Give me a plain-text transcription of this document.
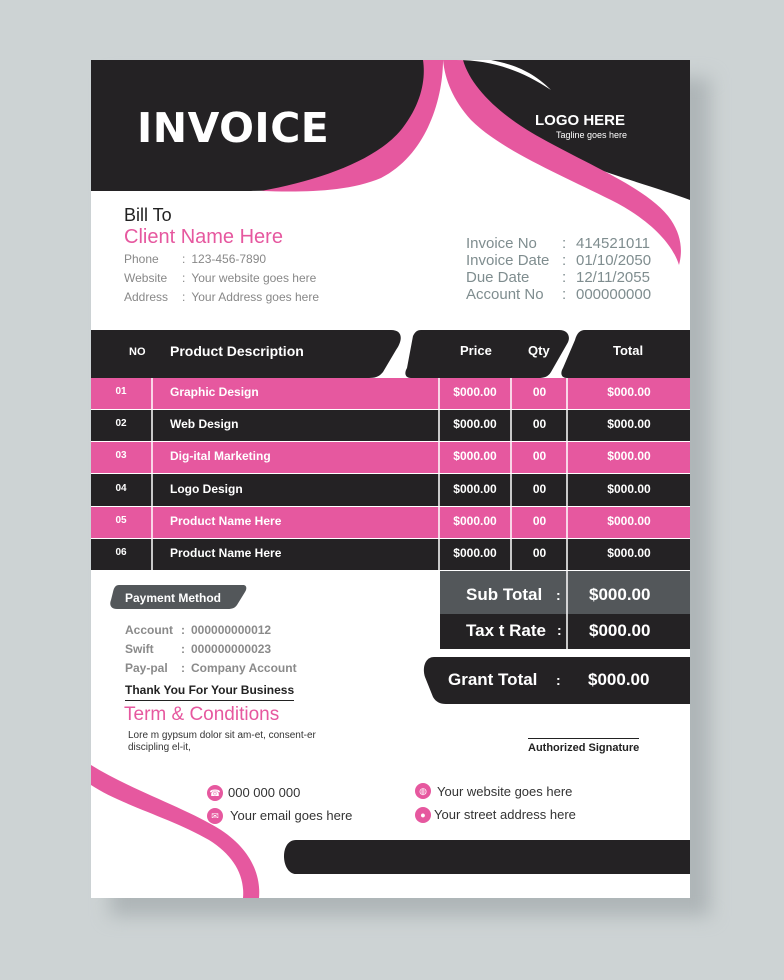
INVOICE	LOGO HERE
Tagline goes here
Bill To
Client Name Here
Phone : 123-456-7890
Website : Your website goes here
Address : Your Address goes here
Invoice No : 414521011
Invoice Date : 01/10/2050
Due Date : 12/11/2055
Account No : 000000000
NO Product Description	Price	Qty	Total
01	Graphic Design	$000.00	00	$000.00
02	Web Design	$000.00	00	$000.00
03	Dig-ital Marketing	$000.00	00	$000.00
04	Logo Design	$000.00	00	$000.00
05	Product Name Here	$000.00	00	$000.00
06	Product Name Here	$000.00	00	$000.00
Payment Method
Account : 000000000012
Swift : 000000000023
Pay-pal : Company Account
Thank You For Your Business
Term & Conditions
Lore m gypsum dolor sit am-et, consent-er discipling el-it,
Sub Total : $000.00
Tax t Rate : $000.00
Grant Total : $000.00
Authorized Signature
☎ 000 000 000
✉ Your email goes here
◍ Your website goes here
● Your street address here
